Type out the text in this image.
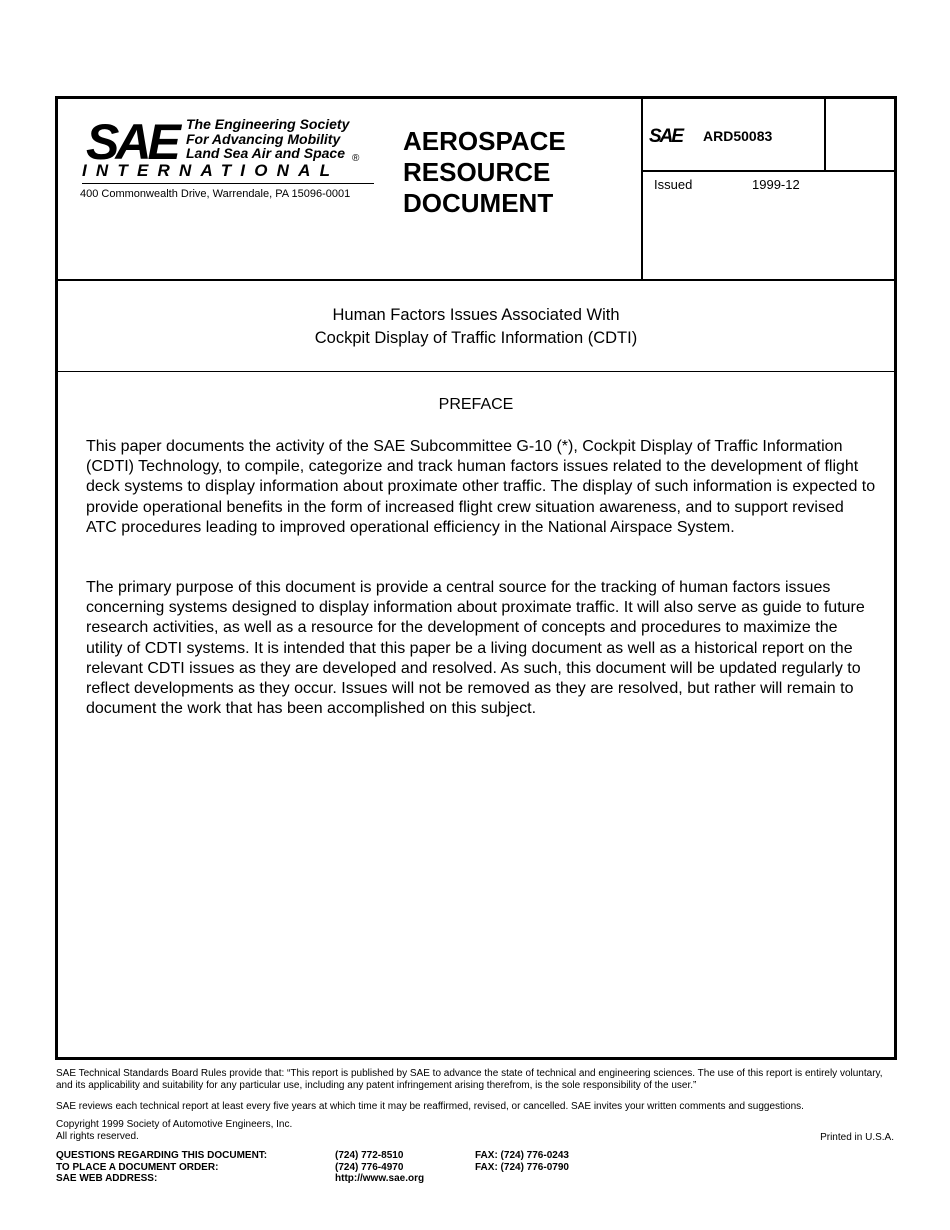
SAE The Engineering Society
For Advancing Mobility
Land Sea Air and Space ®
INTERNATIONAL
400 Commonwealth Drive, Warrendale, PA 15096-0001
AEROSPACE
RESOURCE
DOCUMENT
SAE ARD50083
Issued	1999-12
Human Factors Issues Associated With
Cockpit Display of Traffic Information (CDTI)
PREFACE
This paper documents the activity of the SAE Subcommittee G-10 (*), Cockpit Display of Traffic Information (CDTI) Technology, to compile, categorize and track human factors issues related to the development of flight deck systems to display information about proximate other traffic. The display of such information is expected to provide operational benefits in the form of increased flight crew situation awareness, and to support revised ATC procedures leading to improved operational efficiency in the National Airspace System.
The primary purpose of this document is provide a central source for the tracking of human factors issues concerning systems designed to display information about proximate traffic. It will also serve as guide to future research activities, as well as a resource for the development of concepts and procedures to maximize the utility of CDTI systems. It is intended that this paper be a living document as well as a historical report on the relevant CDTI issues as they are developed and resolved. As such, this document will be updated regularly to reflect developments as they occur. Issues will not be removed as they are resolved, but rather will remain to document the work that has been accomplished on this subject.
SAE Technical Standards Board Rules provide that: “This report is published by SAE to advance the state of technical and engineering sciences. The use of this report is entirely voluntary, and its applicability and suitability for any particular use, including any patent infringement arising therefrom, is the sole responsibility of the user.”
SAE reviews each technical report at least every five years at which time it may be reaffirmed, revised, or cancelled. SAE invites your written comments and suggestions.
Copyright 1999 Society of Automotive Engineers, Inc.
All rights reserved.	Printed in U.S.A.
QUESTIONS REGARDING THIS DOCUMENT:	(724) 772-8510	FAX: (724) 776-0243
TO PLACE A DOCUMENT ORDER:	(724) 776-4970	FAX: (724) 776-0790
SAE WEB ADDRESS:	http://www.sae.org
